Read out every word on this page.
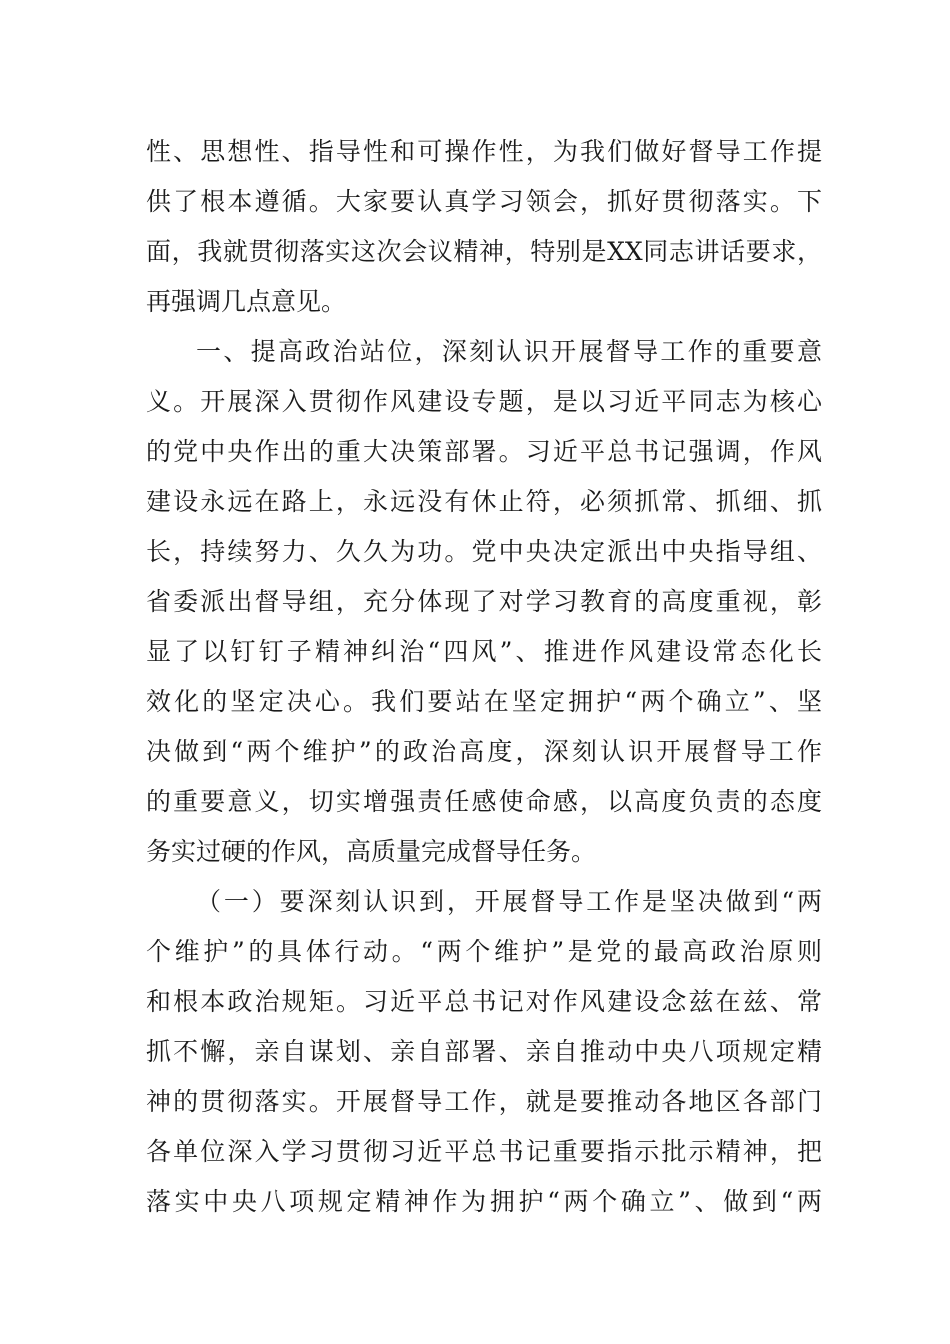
性、思想性、指导性和可操作性，为我们做好督导工作提
供了根本遵循。大家要认真学习领会，抓好贯彻落实。下
面，我就贯彻落实这次会议精神，特别是XX同志讲话要求，
再强调几点意见。
一、提高政治站位，深刻认识开展督导工作的重要意
义。开展深入贯彻作风建设专题，是以习近平同志为核心
的党中央作出的重大决策部署。习近平总书记强调，作风
建设永远在路上，永远没有休止符，必须抓常、抓细、抓
长，持续努力、久久为功。党中央决定派出中央指导组、
省委派出督导组，充分体现了对学习教育的高度重视，彰
显了以钉钉子精神纠治“四风”、推进作风建设常态化长
效化的坚定决心。我们要站在坚定拥护“两个确立”、坚
决做到“两个维护”的政治高度，深刻认识开展督导工作
的重要意义，切实增强责任感使命感，以高度负责的态度
务实过硬的作风，高质量完成督导任务。
（一）要深刻认识到，开展督导工作是坚决做到“两
个维护”的具体行动。“两个维护”是党的最高政治原则
和根本政治规矩。习近平总书记对作风建设念兹在兹、常
抓不懈，亲自谋划、亲自部署、亲自推动中央八项规定精
神的贯彻落实。开展督导工作，就是要推动各地区各部门
各单位深入学习贯彻习近平总书记重要指示批示精神，把
落实中央八项规定精神作为拥护“两个确立”、做到“两
